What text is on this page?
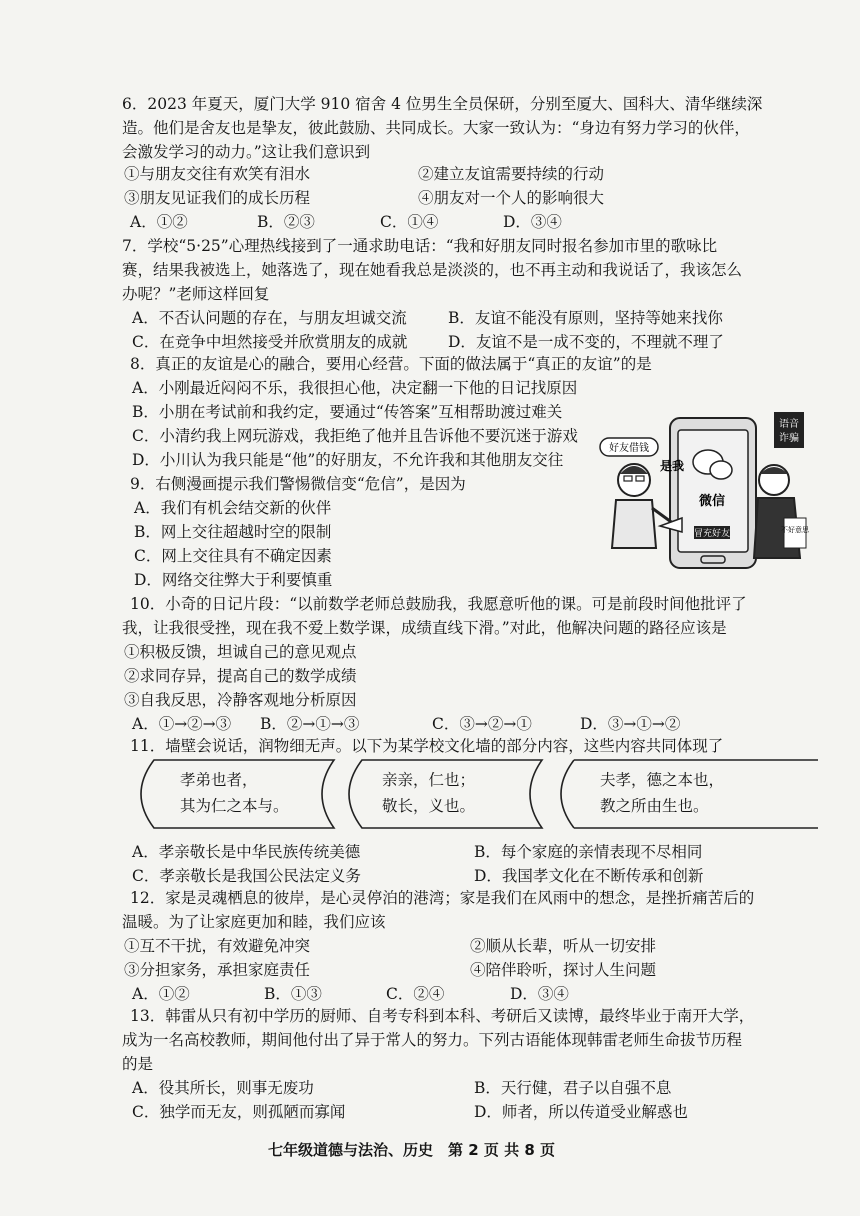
6．2023 年夏天，厦门大学 910 宿舍 4 位男生全员保研，分别至厦大、国科大、清华继续深
造。他们是舍友也是挚友，彼此鼓励、共同成长。大家一致认为：“身边有努力学习的伙伴，
会激发学习的动力。”这让我们意识到
①与朋友交往有欢笑有泪水	②建立友谊需要持续的行动
③朋友见证我们的成长历程	④朋友对一个人的影响很大
A．①②	B．②③	C．①④	D．③④
7．学校“5·25”心理热线接到了一通求助电话：“我和好朋友同时报名参加市里的歌咏比
赛，结果我被选上，她落选了，现在她看我总是淡淡的，也不再主动和我说话了，我该怎么
办呢？”老师这样回复
A．不否认问题的存在，与朋友坦诚交流	B．友谊不能没有原则，坚持等她来找你
C．在竞争中坦然接受并欣赏朋友的成就	D．友谊不是一成不变的，不理就不理了
8．真正的友谊是心的融合，要用心经营。下面的做法属于“真正的友谊”的是
A．小刚最近闷闷不乐，我很担心他，决定翻一下他的日记找原因
B．小朋在考试前和我约定，要通过“传答案”互相帮助渡过难关
C．小清约我上网玩游戏，我拒绝了他并且告诉他不要沉迷于游戏
D．小川认为我只能是“他”的好朋友，不允许我和其他朋友交往
9．右侧漫画提示我们警惕微信变“危信”，是因为
A．我们有机会结交新的伙伴
B．网上交往超越时空的限制
C．网上交往具有不确定因素
D．网络交往弊大于利要慎重
微信
冒充好友
好友借钱
是我
不好意思
语音
诈骗
10．小奇的日记片段：“以前数学老师总鼓励我，我愿意听他的课。可是前段时间他批评了
我，让我很受挫，现在我不爱上数学课，成绩直线下滑。”对此，他解决问题的路径应该是
①积极反馈，坦诚自己的意见观点
②求同存异，提高自己的数学成绩
③自我反思，冷静客观地分析原因
A．①→②→③ B．②→①→③	C．③→②→①	D．③→①→②
11．墙壁会说话，润物细无声。以下为某学校文化墙的部分内容，这些内容共同体现了
孝弟也者，
其为仁之本与。
亲亲，仁也；
敬长，义也。
夫孝，德之本也，
教之所由生也。
A．孝亲敬长是中华民族传统美德	B．每个家庭的亲情表现不尽相同
C．孝亲敬长是我国公民法定义务	D．我国孝文化在不断传承和创新
12．家是灵魂栖息的彼岸，是心灵停泊的港湾；家是我们在风雨中的想念，是挫折痛苦后的
温暖。为了让家庭更加和睦，我们应该
①互不干扰，有效避免冲突	②顺从长辈，听从一切安排
③分担家务，承担家庭责任	④陪伴聆听，探讨人生问题
A．①②	B．①③	C．②④	D．③④
13．韩雷从只有初中学历的厨师、自考专科到本科、考研后又读博，最终毕业于南开大学，
成为一名高校教师，期间他付出了异于常人的努力。下列古语能体现韩雷老师生命拔节历程
的是
A．役其所长，则事无废功	B．天行健，君子以自强不息
C．独学而无友，则孤陋而寡闻	D．师者，所以传道受业解惑也
七年级道德与法治、历史　第 2 页 共 8 页
